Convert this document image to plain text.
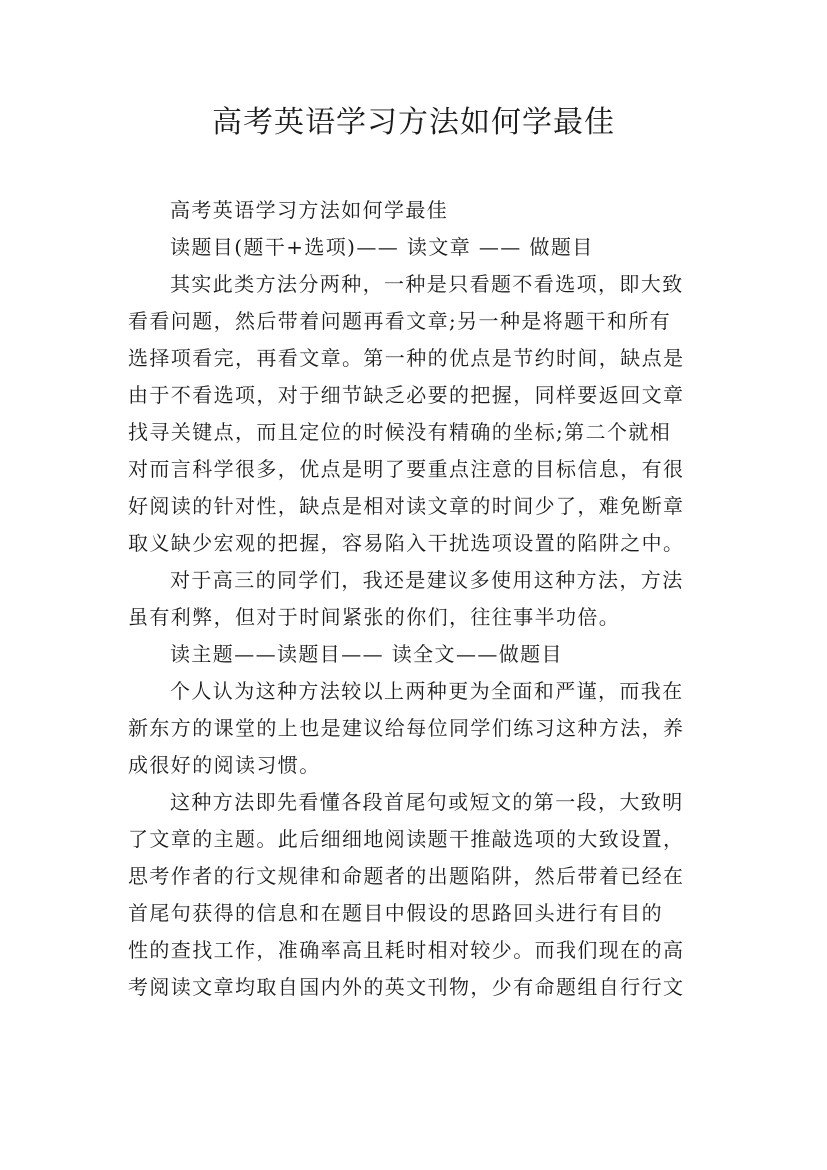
高考英语学习方法如何学最佳
高考英语学习方法如何学最佳
读题目(题干+选项)—— 读文章 —— 做题目
其实此类方法分两种，一种是只看题不看选项，即大致
看看问题，然后带着问题再看文章;另一种是将题干和所有
选择项看完，再看文章。第一种的优点是节约时间，缺点是
由于不看选项，对于细节缺乏必要的把握，同样要返回文章
找寻关键点，而且定位的时候没有精确的坐标;第二个就相
对而言科学很多，优点是明了要重点注意的目标信息，有很
好阅读的针对性，缺点是相对读文章的时间少了，难免断章
取义缺少宏观的把握，容易陷入干扰选项设置的陷阱之中。
对于高三的同学们，我还是建议多使用这种方法，方法
虽有利弊，但对于时间紧张的你们，往往事半功倍。
读主题——读题目—— 读全文——做题目
个人认为这种方法较以上两种更为全面和严谨，而我在
新东方的课堂的上也是建议给每位同学们练习这种方法，养
成很好的阅读习惯。
这种方法即先看懂各段首尾句或短文的第一段，大致明
了文章的主题。此后细细地阅读题干推敲选项的大致设置，
思考作者的行文规律和命题者的出题陷阱，然后带着已经在
首尾句获得的信息和在题目中假设的思路回头进行有目的
性的查找工作，准确率高且耗时相对较少。而我们现在的高
考阅读文章均取自国内外的英文刊物，少有命题组自行行文
